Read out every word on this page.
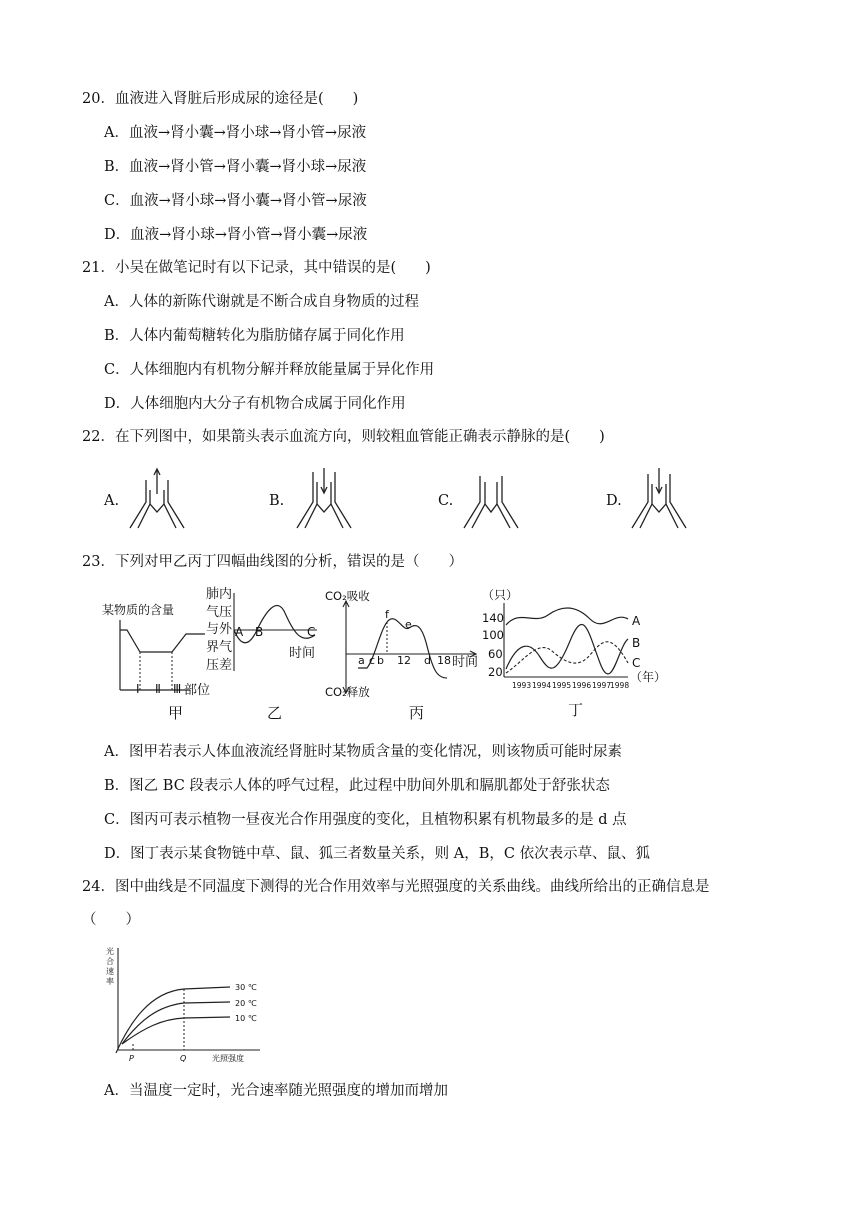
20．血液进入肾脏后形成尿的途径是(　　)
A．血液→肾小囊→肾小球→肾小管→尿液
B．血液→肾小管→肾小囊→肾小球→尿液
C．血液→肾小球→肾小囊→肾小管→尿液
D．血液→肾小球→肾小管→肾小囊→尿液
21．小吴在做笔记时有以下记录，其中错误的是(　　)
A．人体的新陈代谢就是不断合成自身物质的过程
B．人体内葡萄糖转化为脂肪储存属于同化作用
C．人体细胞内有机物分解并释放能量属于异化作用
D．人体细胞内大分子有机物合成属于同化作用
22．在下列图中，如果箭头表示血流方向，则较粗血管能正确表示静脉的是(　　)
A.	B.	C.	D.
23．下列对甲乙丙丁四幅曲线图的分析，错误的是（　　）
某物质的含量
Ⅰ Ⅱ Ⅲ 部位
甲
肺内
气压
与外
界气
压差
A B	C
时间
乙
CO₂吸收
a c b 12 d 18
f
e
时间
CO₂释放
丙
（只）
140
100
60
20
A
B
C
1993 1994 1995 1996 1997
1998
（年）
丁
A．图甲若表示人体血液流经肾脏时某物质含量的变化情况，则该物质可能时尿素
B．图乙 BC 段表示人体的呼气过程，此过程中肋间外肌和膈肌都处于舒张状态
C．图丙可表示植物一昼夜光合作用强度的变化，且植物积累有机物最多的是 d 点
D．图丁表示某食物链中草、鼠、狐三者数量关系，则 A，B，C 依次表示草、鼠、狐
24．图中曲线是不同温度下测得的光合作用效率与光照强度的关系曲线。曲线所给出的正确信息是
（　　）
光
合
速
率
30 ℃
20 ℃
10 ℃
P	Q	光照强度
A．当温度一定时，光合速率随光照强度的增加而增加
